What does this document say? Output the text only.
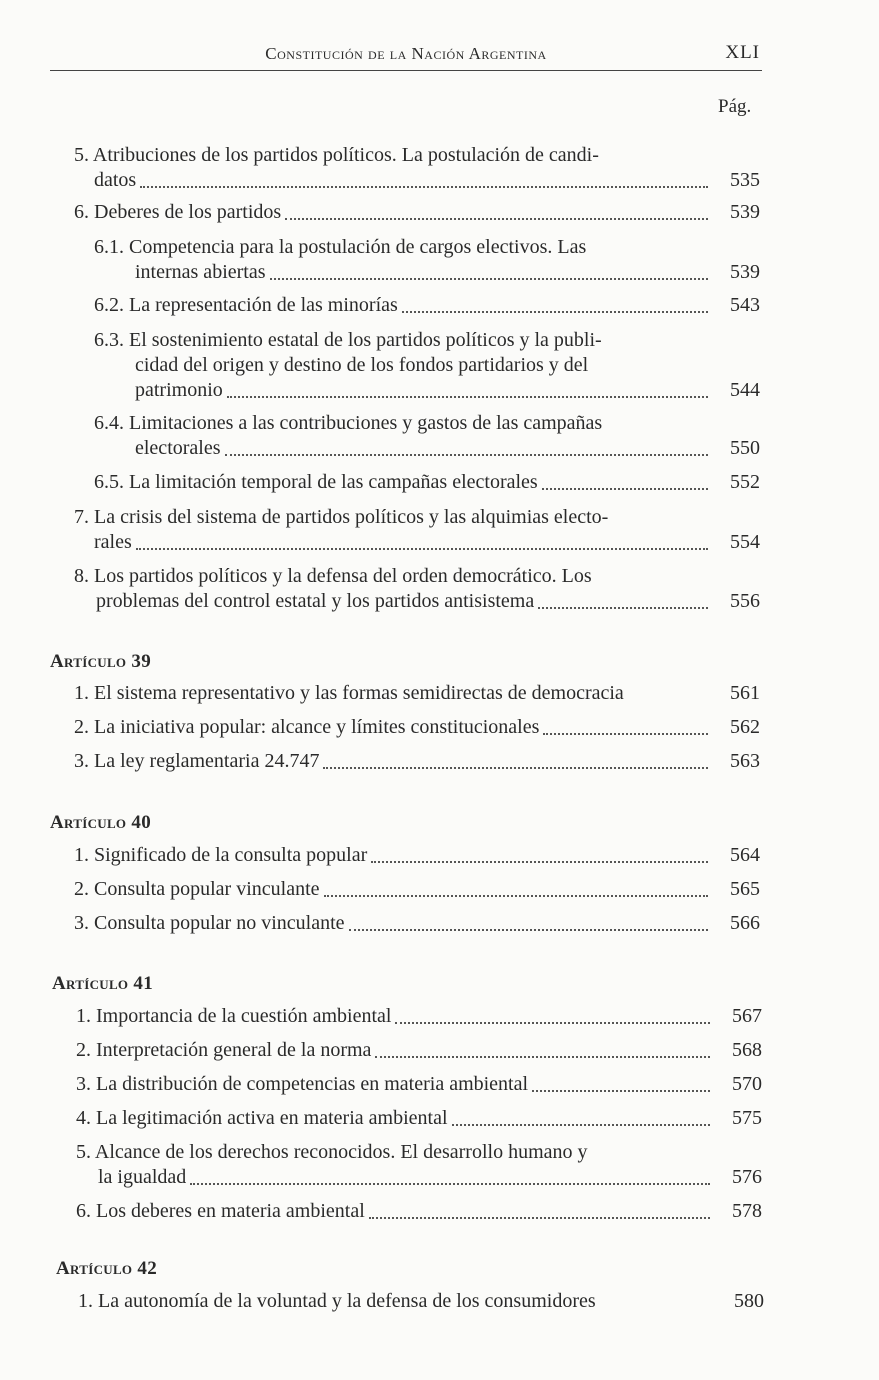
Constitución de la Nación Argentina	XLI
Pág.
5. Atribuciones de los partidos políticos. La postulación de candi-
datos	535
6. Deberes de los partidos	539
6.1. Competencia para la postulación de cargos electivos. Las
internas abiertas	539
6.2. La representación de las minorías	543
6.3. El sostenimiento estatal de los partidos políticos y la publi-
cidad del origen y destino de los fondos partidarios y del
patrimonio	544
6.4. Limitaciones a las contribuciones y gastos de las campañas
electorales	550
6.5. La limitación temporal de las campañas electorales	552
7. La crisis del sistema de partidos políticos y las alquimias electo-
rales	554
8. Los partidos políticos y la defensa del orden democrático. Los
problemas del control estatal y los partidos antisistema	556
Artículo 39
1. El sistema representativo y las formas semidirectas de democracia	561
2. La iniciativa popular: alcance y límites constitucionales	562
3. La ley reglamentaria 24.747	563
Artículo 40
1. Significado de la consulta popular	564
2. Consulta popular vinculante	565
3. Consulta popular no vinculante	566
Artículo 41
1. Importancia de la cuestión ambiental	567
2. Interpretación general de la norma	568
3. La distribución de competencias en materia ambiental	570
4. La legitimación activa en materia ambiental	575
5. Alcance de los derechos reconocidos. El desarrollo humano y
la igualdad	576
6. Los deberes en materia ambiental	578
Artículo 42
1. La autonomía de la voluntad y la defensa de los consumidores	580
